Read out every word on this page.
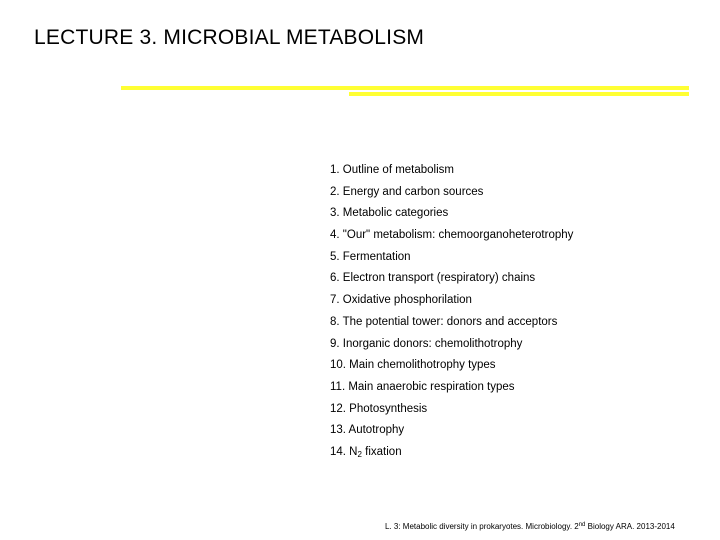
LECTURE 3. MICROBIAL METABOLISM
1. Outline of metabolism
2. Energy and carbon sources
3. Metabolic categories
4. "Our" metabolism: chemoorganoheterotrophy
5. Fermentation
6. Electron transport (respiratory) chains
7. Oxidative phosphorilation
8. The potential tower: donors and acceptors
9. Inorganic donors: chemolithotrophy
10. Main chemolithotrophy types
11. Main anaerobic respiration types
12. Photosynthesis
13. Autotrophy
14. $N_2$ fixation
L. 3: Metabolic diversity in prokaryotes. Microbiology. 2nd Biology ARA. 2013-2014
